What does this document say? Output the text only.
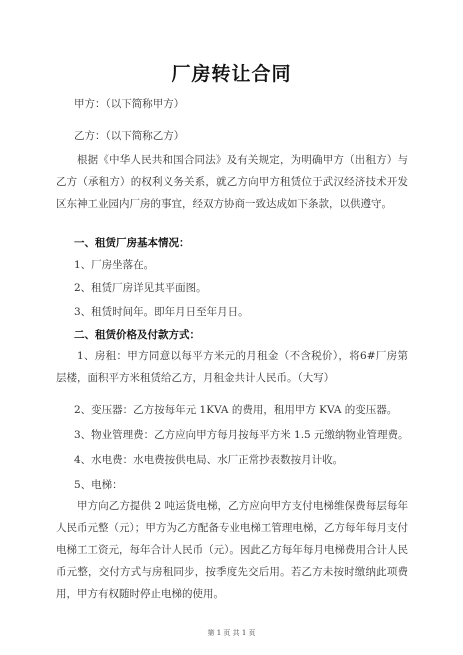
厂房转让合同
甲方：（以下简称甲方）
乙方：（以下简称乙方）
根据《中华人民共和国合同法》及有关规定，为明确甲方（出租方）与乙方（承租方）的权利义务关系，就乙方向甲方租赁位于武汉经济技术开发区东神工业园内厂房的事宜，经双方协商一致达成如下条款，以供遵守。
一、租赁厂房基本情况：
1、厂房坐落在。
2、租赁厂房详见其平面图。
3、租赁时间年。即年月日至年月日。
二、租赁价格及付款方式：
1、房租：甲方同意以每平方米元的月租金（不含税价），将6#厂房第层楼，面积平方米租赁给乙方，月租金共计人民币。（大写）
2、变压器：乙方按每年元 1KVA 的费用，租用甲方 KVA 的变压器。
3、物业管理费：乙方应向甲方每月按每平方米 1.5 元缴纳物业管理费。
4、水电费：水电费按供电局、水厂正常抄表数按月计收。
5、电梯：
甲方向乙方提供 2 吨运货电梯，乙方应向甲方支付电梯维保费每层每年人民币元整（元）；甲方为乙方配备专业电梯工管理电梯，乙方每年每月支付电梯工工资元，每年合计人民币（元）。因此乙方每年每月电梯费用合计人民币元整，交付方式与房租同步，按季度先交后用。若乙方未按时缴纳此项费用，甲方有权随时停止电梯的使用。
第 1 页 共 1 页
